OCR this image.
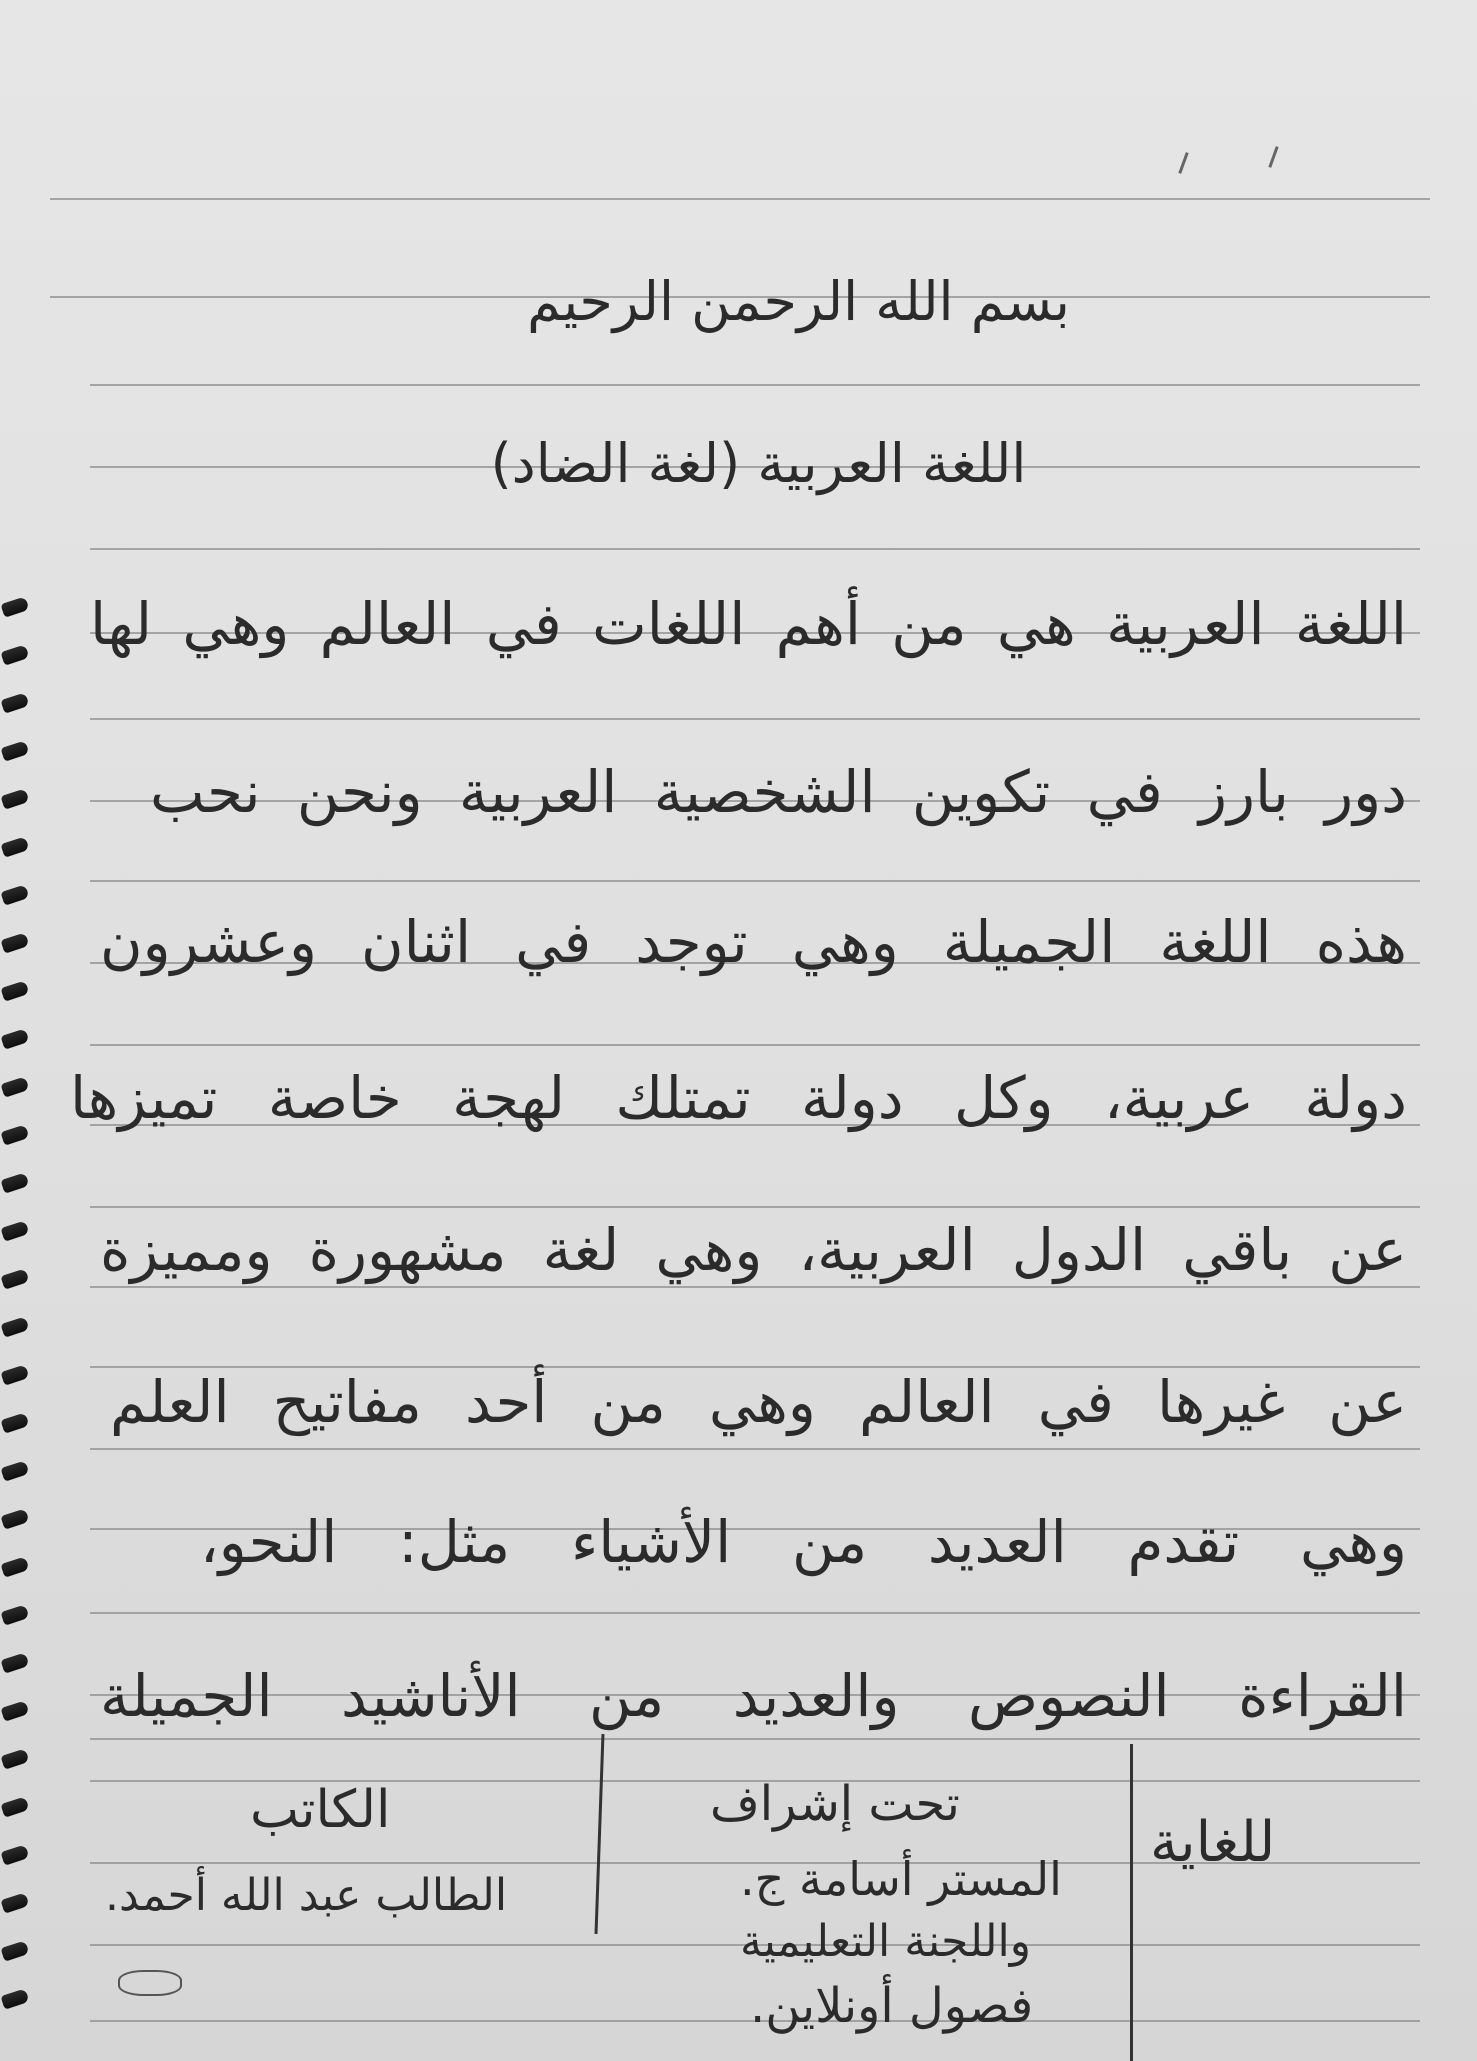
بسم الله الرحمن الرحيم
اللغة العربية (لغة الضاد)
اللغة العربية هي من أهم اللغات في العالم وهي لها
دور بارز في تكوين الشخصية العربية ونحن نحب
هذه اللغة الجميلة وهي توجد في اثنان وعشرون
دولة عربية، وكل دولة تمتلك لهجة خاصة تميزها
عن باقي الدول العربية، وهي لغة مشهورة ومميزة
عن غيرها في العالم وهي من أحد مفاتيح العلم
وهي تقدم العديد من الأشياء مثل: النحو،
القراءة النصوص والعديد من الأناشيد الجميلة
الكاتب
الطالب عبد الله أحمد.
تحت إشراف
المستر أسامة ج.
واللجنة التعليمية
فصول أونلاين.
للغاية
